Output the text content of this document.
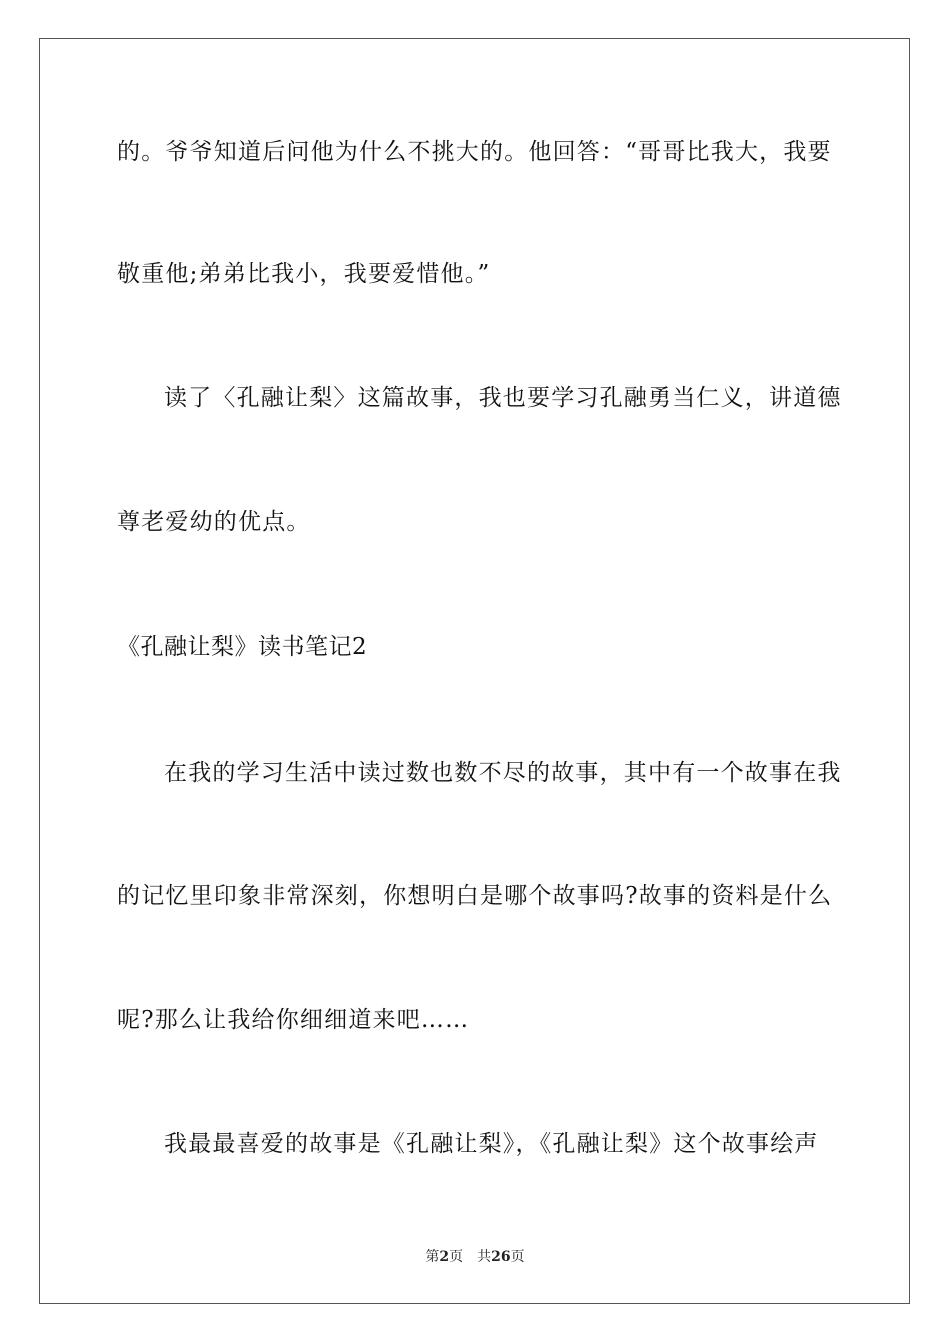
的。爷爷知道后问他为什么不挑大的。他回答：“哥哥比我大，我要
敬重他;弟弟比我小，我要爱惜他。”
读了〈孔融让梨〉这篇故事，我也要学习孔融勇当仁义，讲道德
尊老爱幼的优点。
《孔融让梨》读书笔记2
在我的学习生活中读过数也数不尽的故事，其中有一个故事在我
的记忆里印象非常深刻，你想明白是哪个故事吗?故事的资料是什么
呢?那么让我给你细细道来吧……
我最最喜爱的故事是《孔融让梨》，《孔融让梨》这个故事绘声
第2页 共26页
